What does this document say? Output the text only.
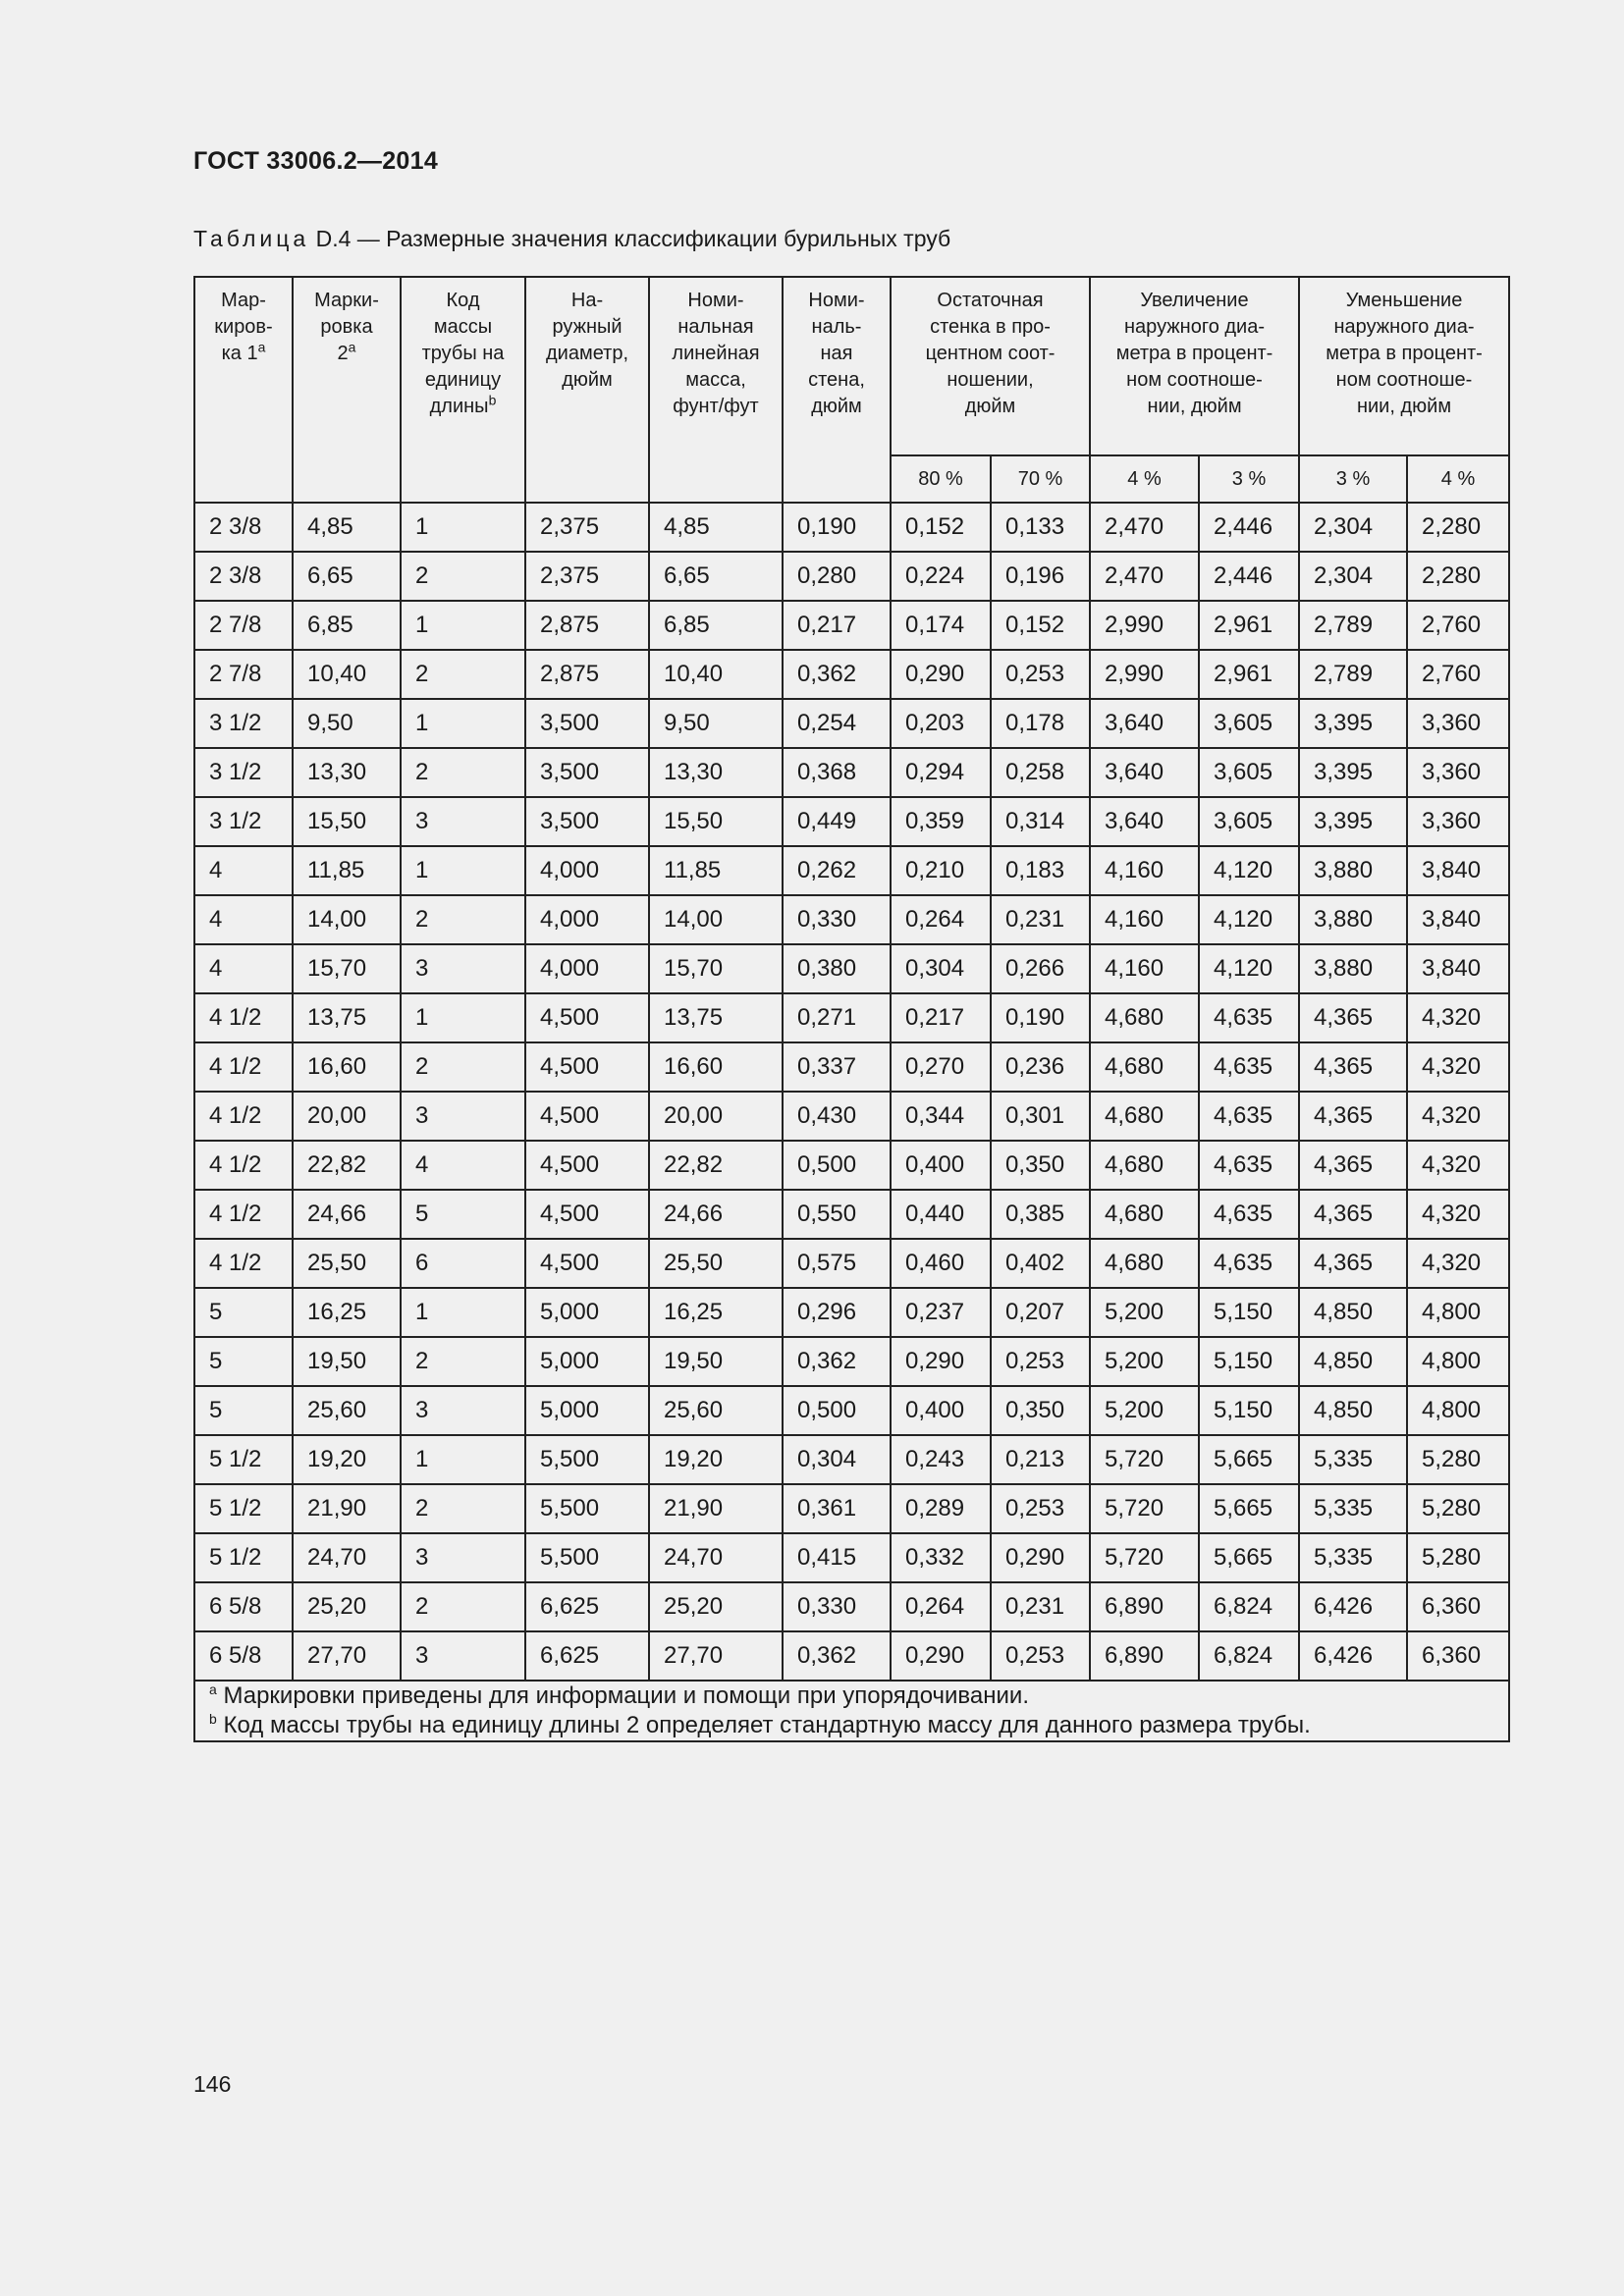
ГОСТ 33006.2—2014
Таблица D.4 — Размерные значения классификации бурильных труб
Мар-
киров-
ка 1$^a$	Марки-
ровка
2$^a$	Код
массы
трубы на
единицу
длины$^b$	На-
ружный
диаметр,
дюйм	Номи-
нальная
линейная
масса,
фунт/фут	Номи-
наль-
ная
стена,
дюйм	Остаточная
стенка в про-
центном соот-
ношении,
дюйм		Увеличение
наружного диа-
метра в процент-
ном соотноше-
нии, дюйм		Уменьшение
наружного диа-
метра в процент-
ном соотноше-
нии, дюйм	
						80 %	70 %	4 %	3 %	3 %	4 %
2 3/8	4,85	1	2,375	4,85	0,190	0,152	0,133	2,470	2,446	2,304	2,280
2 3/8	6,65	2	2,375	6,65	0,280	0,224	0,196	2,470	2,446	2,304	2,280
2 7/8	6,85	1	2,875	6,85	0,217	0,174	0,152	2,990	2,961	2,789	2,760
2 7/8	10,40	2	2,875	10,40	0,362	0,290	0,253	2,990	2,961	2,789	2,760
3 1/2	9,50	1	3,500	9,50	0,254	0,203	0,178	3,640	3,605	3,395	3,360
3 1/2	13,30	2	3,500	13,30	0,368	0,294	0,258	3,640	3,605	3,395	3,360
3 1/2	15,50	3	3,500	15,50	0,449	0,359	0,314	3,640	3,605	3,395	3,360
4	11,85	1	4,000	11,85	0,262	0,210	0,183	4,160	4,120	3,880	3,840
4	14,00	2	4,000	14,00	0,330	0,264	0,231	4,160	4,120	3,880	3,840
4	15,70	3	4,000	15,70	0,380	0,304	0,266	4,160	4,120	3,880	3,840
4 1/2	13,75	1	4,500	13,75	0,271	0,217	0,190	4,680	4,635	4,365	4,320
4 1/2	16,60	2	4,500	16,60	0,337	0,270	0,236	4,680	4,635	4,365	4,320
4 1/2	20,00	3	4,500	20,00	0,430	0,344	0,301	4,680	4,635	4,365	4,320
4 1/2	22,82	4	4,500	22,82	0,500	0,400	0,350	4,680	4,635	4,365	4,320
4 1/2	24,66	5	4,500	24,66	0,550	0,440	0,385	4,680	4,635	4,365	4,320
4 1/2	25,50	6	4,500	25,50	0,575	0,460	0,402	4,680	4,635	4,365	4,320
5	16,25	1	5,000	16,25	0,296	0,237	0,207	5,200	5,150	4,850	4,800
5	19,50	2	5,000	19,50	0,362	0,290	0,253	5,200	5,150	4,850	4,800
5	25,60	3	5,000	25,60	0,500	0,400	0,350	5,200	5,150	4,850	4,800
5 1/2	19,20	1	5,500	19,20	0,304	0,243	0,213	5,720	5,665	5,335	5,280
5 1/2	21,90	2	5,500	21,90	0,361	0,289	0,253	5,720	5,665	5,335	5,280
5 1/2	24,70	3	5,500	24,70	0,415	0,332	0,290	5,720	5,665	5,335	5,280
6 5/8	25,20	2	6,625	25,20	0,330	0,264	0,231	6,890	6,824	6,426	6,360
6 5/8	27,70	3	6,625	27,70	0,362	0,290	0,253	6,890	6,824	6,426	6,360

$^a$ Маркировки приведены для информации и помощи при упорядочивании.
$^b$ Код массы трубы на единицу длины 2 определяет стандартную массу для данного размера трубы.											
146
